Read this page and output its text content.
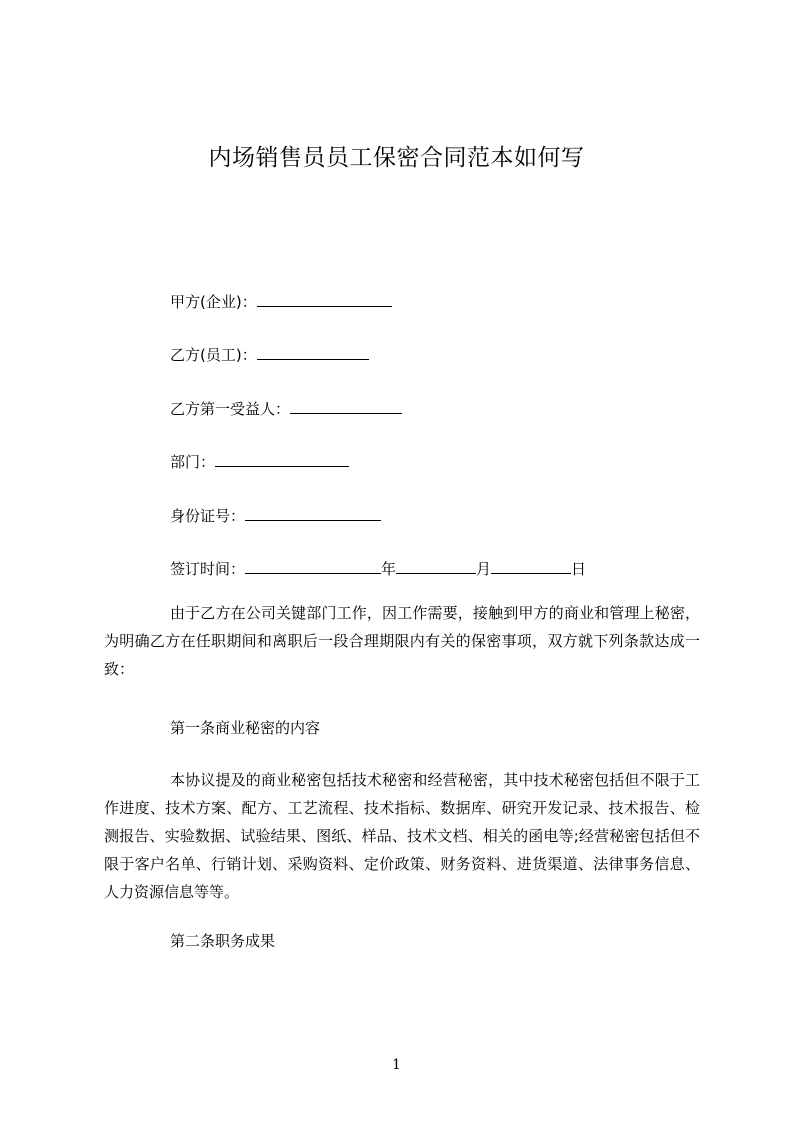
内场销售员员工保密合同范本如何写
甲方(企业)：
乙方(员工)：
乙方第一受益人：
部门：
身份证号：
签订时间：	年	月	日
由于乙方在公司关键部门工作，因工作需要，接触到甲方的商业和管理上秘密，为明确乙方在任职期间和离职后一段合理期限内有关的保密事项，双方就下列条款达成一致：
第一条商业秘密的内容
本协议提及的商业秘密包括技术秘密和经营秘密，其中技术秘密包括但不限于工作进度、技术方案、配方、工艺流程、技术指标、数据库、研究开发记录、技术报告、检测报告、实验数据、试验结果、图纸、样品、技术文档、相关的函电等;经营秘密包括但不限于客户名单、行销计划、采购资料、定价政策、财务资料、进货渠道、法律事务信息、人力资源信息等等。
第二条职务成果
1
